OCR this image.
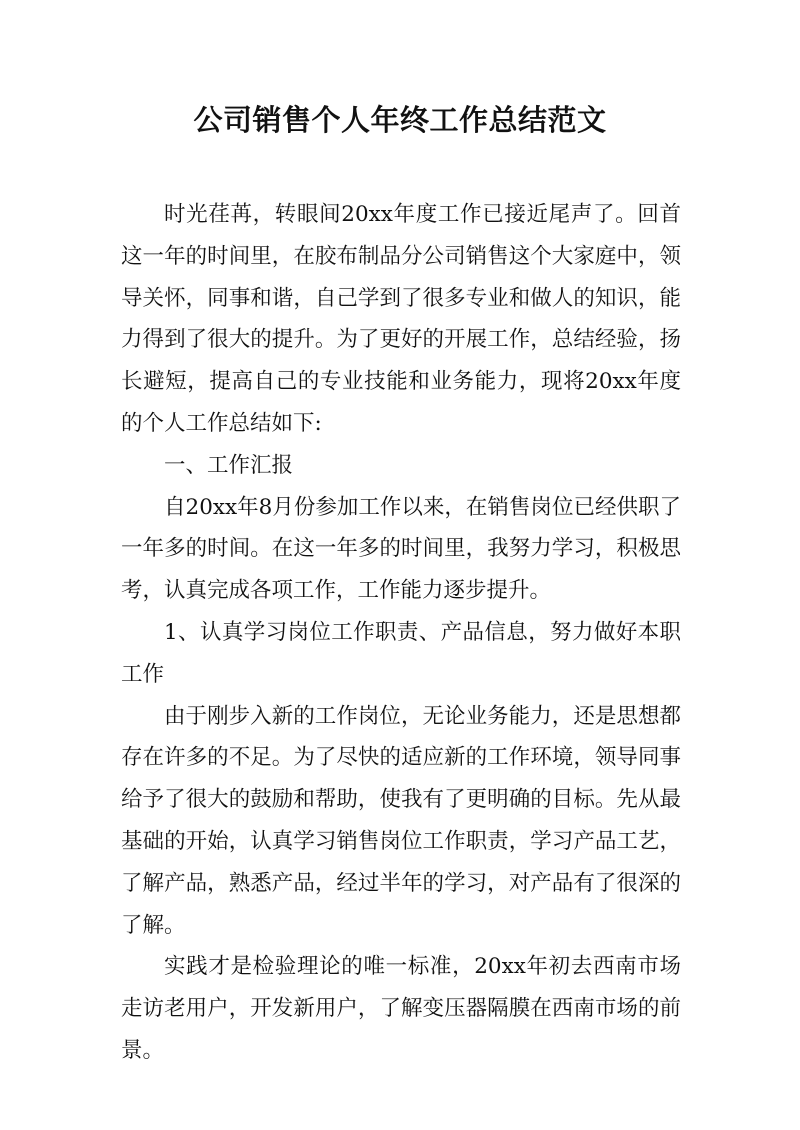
公司销售个人年终工作总结范文

时光荏苒，转眼间20xx年度工作已接近尾声了。回首这一年的时间里，在胶布制品分公司销售这个大家庭中，领导关怀，同事和谐，自己学到了很多专业和做人的知识，能力得到了很大的提升。为了更好的开展工作，总结经验，扬长避短，提高自己的专业技能和业务能力，现将20xx年度的个人工作总结如下:

一、工作汇报

自20xx年8月份参加工作以来，在销售岗位已经供职了一年多的时间。在这一年多的时间里，我努力学习，积极思考，认真完成各项工作，工作能力逐步提升。

1、认真学习岗位工作职责、产品信息，努力做好本职工作

由于刚步入新的工作岗位，无论业务能力，还是思想都存在许多的不足。为了尽快的适应新的工作环境，领导同事给予了很大的鼓励和帮助，使我有了更明确的目标。先从最基础的开始，认真学习销售岗位工作职责，学习产品工艺，了解产品，熟悉产品，经过半年的学习，对产品有了很深的了解。

实践才是检验理论的唯一标准，20xx年初去西南市场走访老用户，开发新用户，了解变压器隔膜在西南市场的前景。
